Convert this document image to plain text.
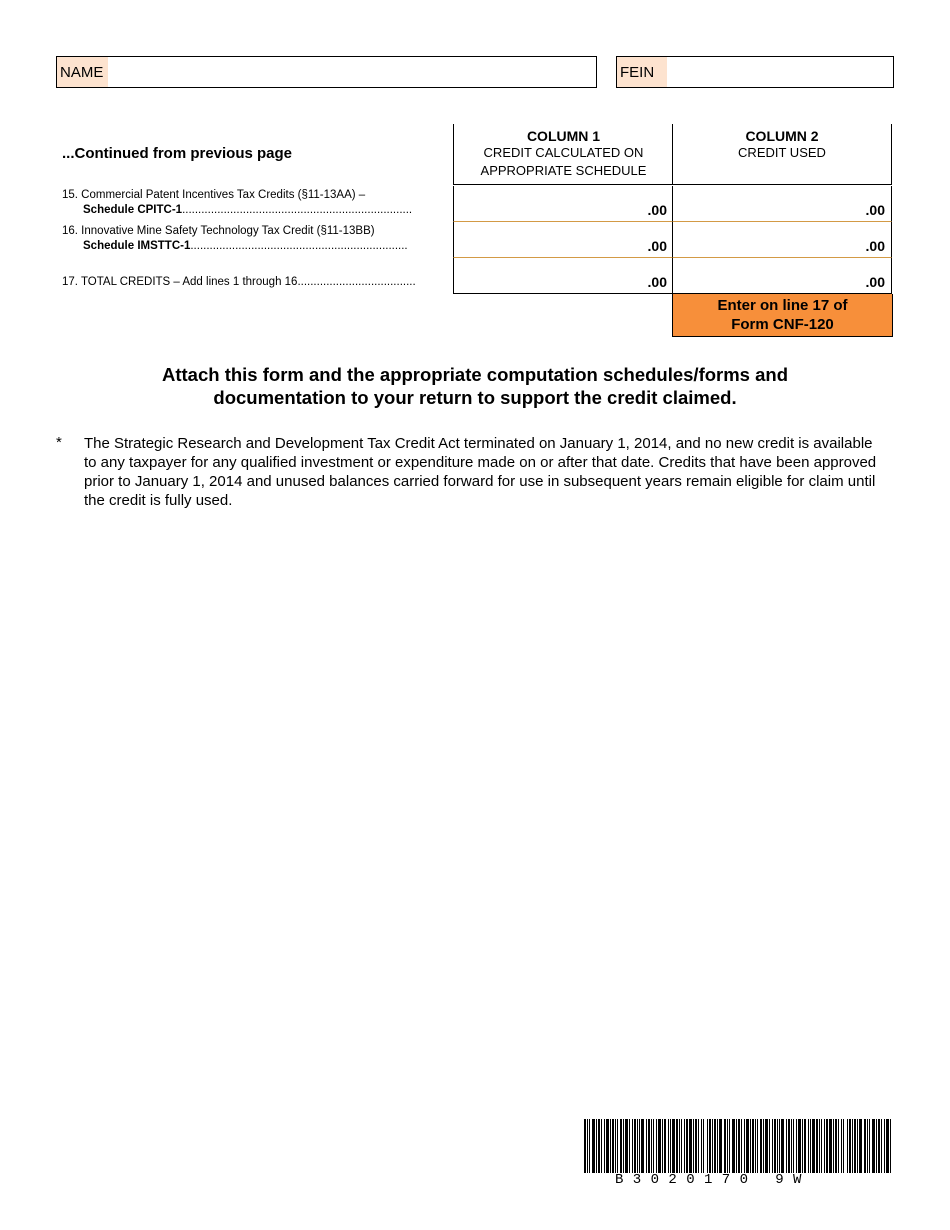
NAME	FEIN
...Continued from previous page
COLUMN 1
CREDIT CALCULATED ON
APPROPRIATE SCHEDULE
COLUMN 2
CREDIT USED
15. Commercial Patent Incentives Tax Credits (§11-13AA) –
Schedule CPITC-1........................................................................	.00	.00
16. Innovative Mine Safety Technology Tax Credit (§11-13BB)
Schedule IMSTTC-1....................................................................	.00	.00
17. TOTAL CREDITS – Add lines 1 through 16.....................................	.00	.00
Enter on line 17 of
Form CNF-120
Attach this form and the appropriate computation schedules/forms and
documentation to your return to support the credit claimed.
* The Strategic Research and Development Tax Credit Act terminated on January 1, 2014, and no new credit is available to any taxpayer for any qualified investment or expenditure made on or after that date. Credits that have been approved prior to January 1, 2014 and unused balances carried forward for use in subsequent years remain eligible for claim until the credit is fully used.
B3020170 9W
